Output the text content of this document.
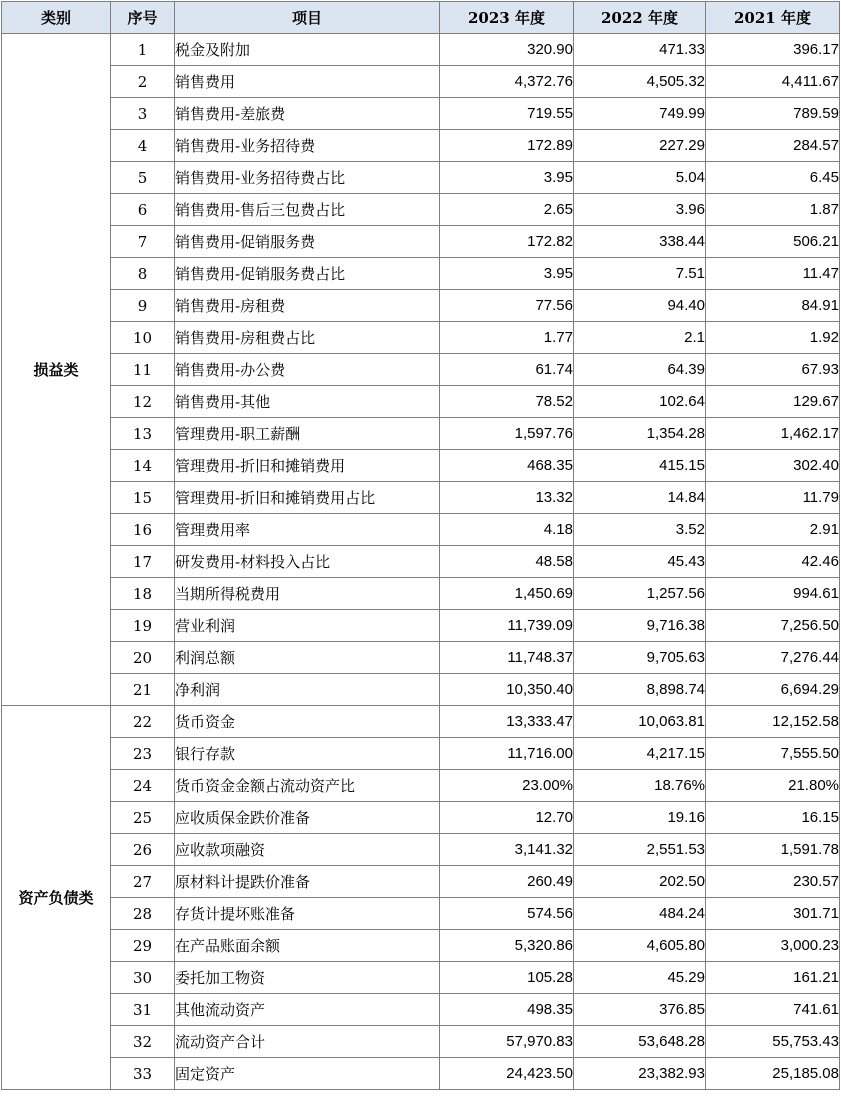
类别	序号	项目	2023 年度	2022 年度	2021 年度
损益类	1	税金及附加	320.90	471.33	396.17
	2	销售费用	4,372.76	4,505.32	4,411.67
	3	销售费用-差旅费	719.55	749.99	789.59
	4	销售费用-业务招待费	172.89	227.29	284.57
	5	销售费用-业务招待费占比	3.95	5.04	6.45
	6	销售费用-售后三包费占比	2.65	3.96	1.87
	7	销售费用-促销服务费	172.82	338.44	506.21
	8	销售费用-促销服务费占比	3.95	7.51	11.47
	9	销售费用-房租费	77.56	94.40	84.91
	10	销售费用-房租费占比	1.77	2.1	1.92
	11	销售费用-办公费	61.74	64.39	67.93
	12	销售费用-其他	78.52	102.64	129.67
	13	管理费用-职工薪酬	1,597.76	1,354.28	1,462.17
	14	管理费用-折旧和摊销费用	468.35	415.15	302.40
	15	管理费用-折旧和摊销费用占比	13.32	14.84	11.79
	16	管理费用率	4.18	3.52	2.91
	17	研发费用-材料投入占比	48.58	45.43	42.46
	18	当期所得税费用	1,450.69	1,257.56	994.61
	19	营业利润	11,739.09	9,716.38	7,256.50
	20	利润总额	11,748.37	9,705.63	7,276.44
	21	净利润	10,350.40	8,898.74	6,694.29
资产负债类	22	货币资金	13,333.47	10,063.81	12,152.58
	23	银行存款	11,716.00	4,217.15	7,555.50
	24	货币资金金额占流动资产比	23.00%	18.76%	21.80%
	25	应收质保金跌价准备	12.70	19.16	16.15
	26	应收款项融资	3,141.32	2,551.53	1,591.78
	27	原材料计提跌价准备	260.49	202.50	230.57
	28	存货计提坏账准备	574.56	484.24	301.71
	29	在产品账面余额	5,320.86	4,605.80	3,000.23
	30	委托加工物资	105.28	45.29	161.21
	31	其他流动资产	498.35	376.85	741.61
	32	流动资产合计	57,970.83	53,648.28	55,753.43
	33	固定资产	24,423.50	23,382.93	25,185.08
